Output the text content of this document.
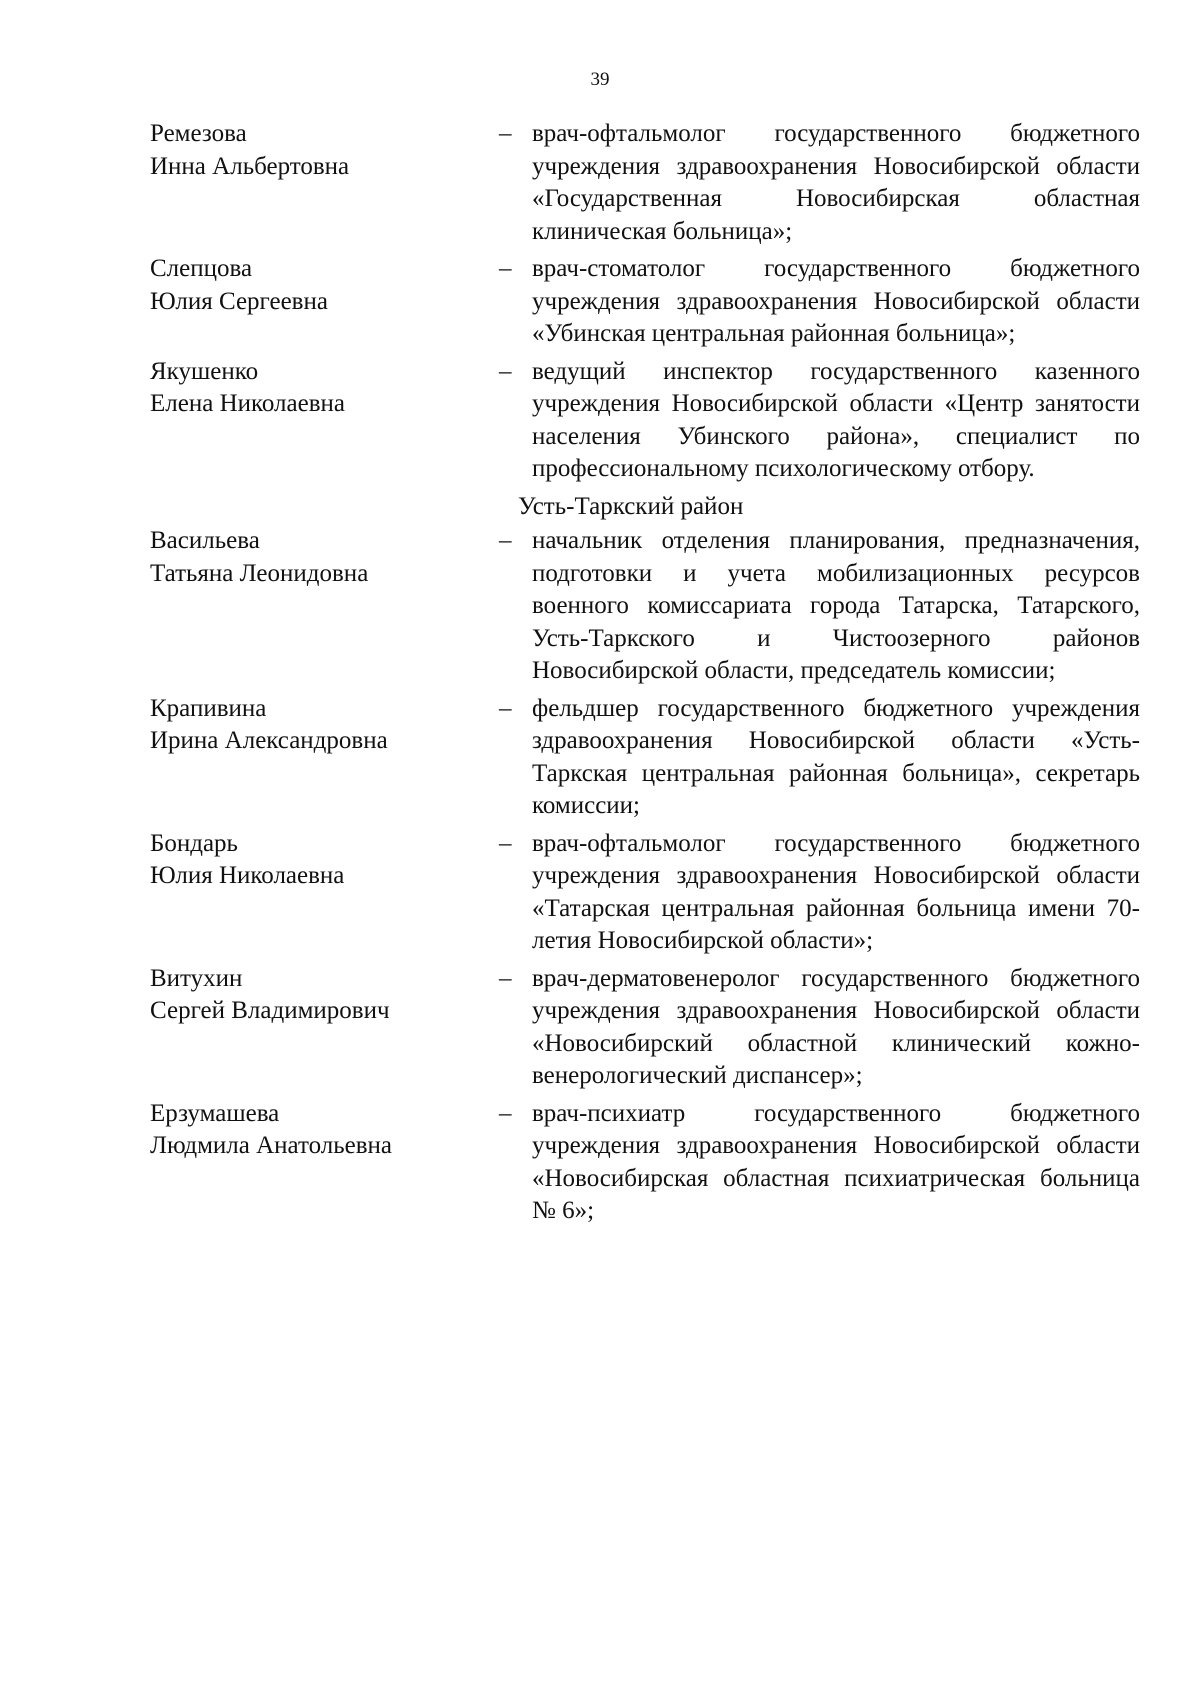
39
Ремезова
Инна Альбертовна
– врач-офтальмолог государственного бюджетного учреждения здравоохранения Новосибирской области «Государственная Новосибирская областная клиническая больница»;
Слепцова
Юлия Сергеевна
– врач-стоматолог государственного бюджетного учреждения здравоохранения Новосибирской области «Убинская центральная районная больница»;
Якушенко
Елена Николаевна
– ведущий инспектор государственного казенного учреждения Новосибирской области «Центр занятости населения Убинского района», специалист по профессиональному психологическому отбору.
Усть-Таркский район
Васильева
Татьяна Леонидовна
– начальник отделения планирования, предназначения, подготовки и учета мобилизационных ресурсов военного комиссариата города Татарска, Татарского, Усть-Таркского и Чистоозерного районов Новосибирской области, председатель комиссии;
Крапивина
Ирина Александровна
– фельдшер государственного бюджетного учреждения здравоохранения Новосибирской области «Усть-Таркская центральная районная больница», секретарь комиссии;
Бондарь
Юлия Николаевна
– врач-офтальмолог государственного бюджетного учреждения здравоохранения Новосибирской области «Татарская центральная районная больница имени 70-летия Новосибирской области»;
Витухин
Сергей Владимирович
– врач-дерматовенеролог государственного бюджетного учреждения здравоохранения Новосибирской области «Новосибирский областной клинический кожно-венерологический диспансер»;
Ерзумашева
Людмила Анатольевна
– врач-психиатр государственного бюджетного учреждения здравоохранения Новосибирской области «Новосибирская областная психиатрическая больница № 6»;
